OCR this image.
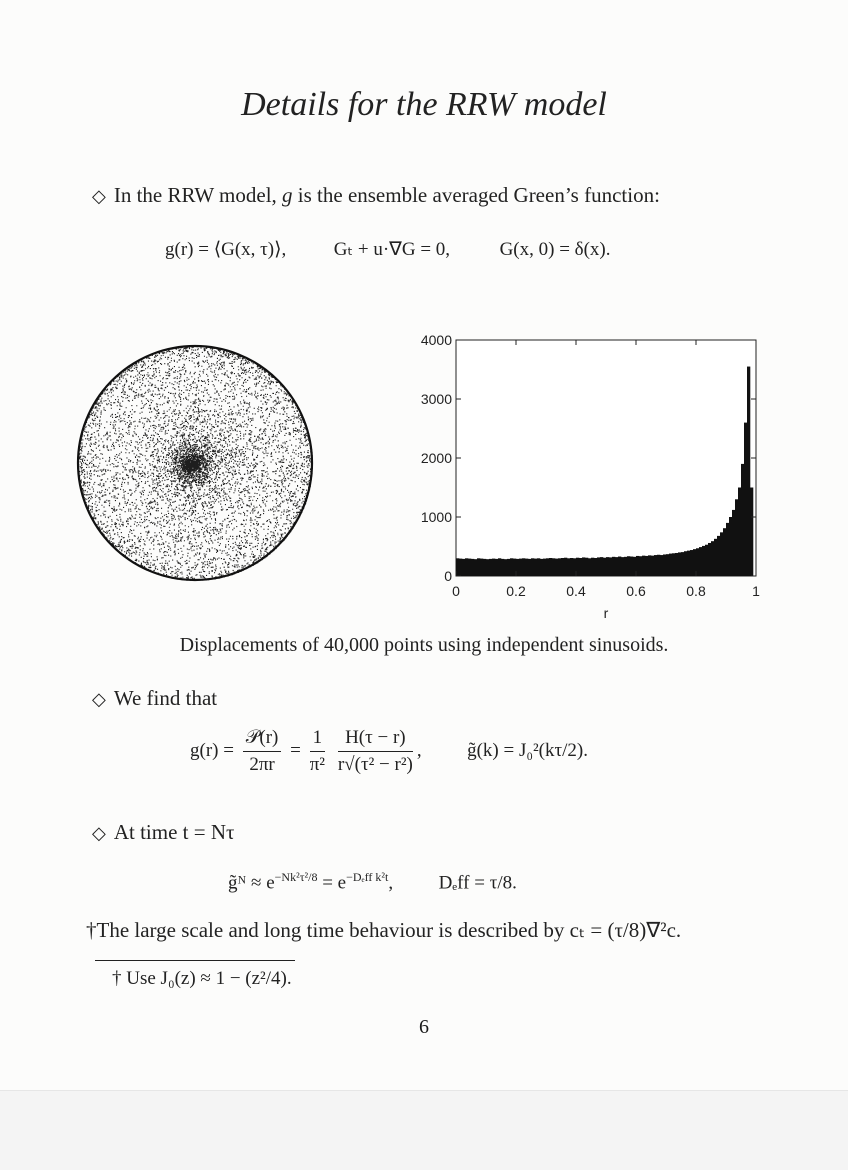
Details for the RRW model
◇ In the RRW model, g is the ensemble averaged Green’s function:
g(r) = ⟨G(x, τ)⟩,	Gₜ + u·∇G = 0,	G(x, 0) = δ(x).
0
1000
2000
3000
4000
0	0.2	0.4	0.6	0.8	1
r
Displacements of 40,000 points using independent sinusoids.
◇ We find that
$g(r) = \frac{\text{𝒫(r)}}{2\pi r} = \frac{1}{\text{π²}}$
$\frac{H(\tau - r)}{\text{r√(τ² − r²)}}$ , g̃(k) = J₀²(kτ/2).
◇ At time t = Nτ
g̃ᴺ ≈ $e^{-Nk^2\tau^2/8} = e^{-D_eff k^2t}$, Dₑff = τ/8.
†The large scale and long time behaviour is described by cₜ = (τ/8)∇²c.
† Use J₀(z) ≈ 1 − (z²/4).
6
